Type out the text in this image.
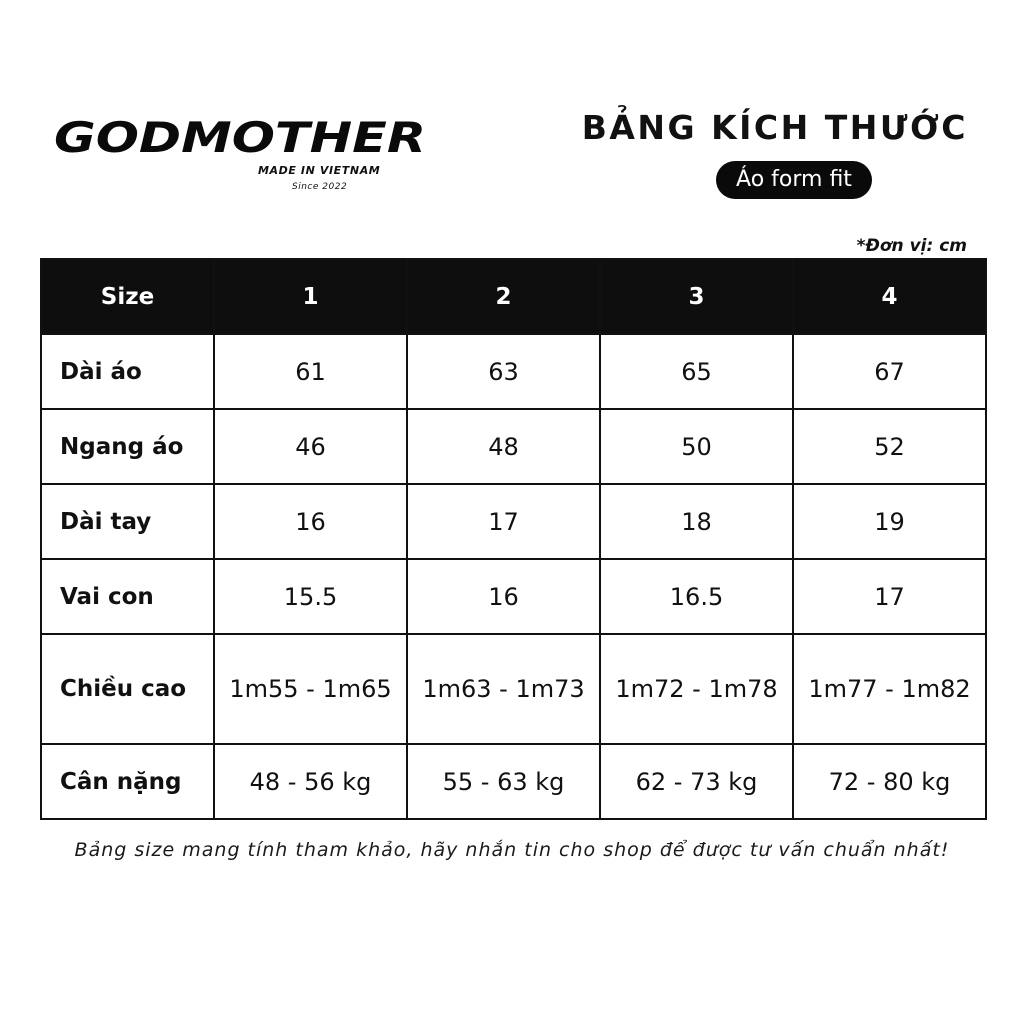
GODMOTHER
MADE IN VIETNAM
Since 2022
BẢNG KÍCH THƯỚC
Áo form fit
*Đơn vị: cm
Size	1	2	3	4
Dài áo	61	63	65	67
Ngang áo	46	48	50	52
Dài tay	16	17	18	19
Vai con	15.5	16	16.5	17
Chiều cao	1m55 - 1m65	1m63 - 1m73	1m72 - 1m78	1m77 - 1m82
Cân nặng	48 - 56 kg	55 - 63 kg	62 - 73 kg	72 - 80 kg
Bảng size mang tính tham khảo, hãy nhắn tin cho shop để được tư vấn chuẩn nhất!
